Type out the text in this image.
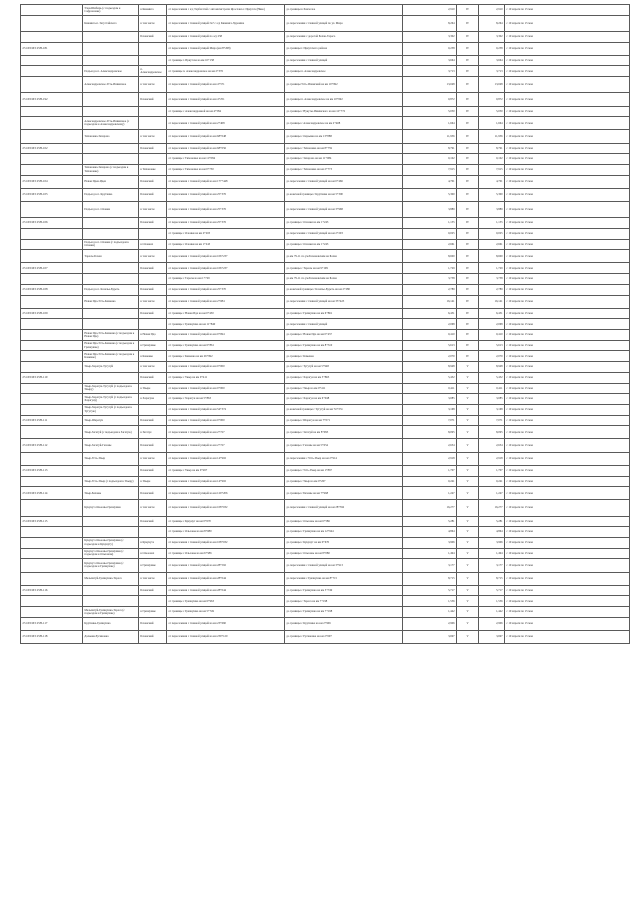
	Улан-Шибирь (с подъездом к Сафроновке)	в Кижинга	от пересечения с а/д Тарбагатай с автомагистрали Ярославл-г. Иркутск (Нико)	до границы в Хонхолое	2,910	IV	2,910	с 10 апреля по 15 мая
	Кижинга-п. Загустайского	в том числе	от пересечения с главной улицей №7 с а/д Кижинга-Хурамша	до пересечения с главной улицей по ул. Мира	8,264	IV	8,264	с 10 апреля по 15 мая
		Боханский	от пересечения с главной улицей по а/д 258	до пересечения с дорогой Бохан-Тараса	3,302	IV	3,302	с 10 апреля по 15 мая
25 ОП МЗ 25Н-181			от пересечения с главной улицей Мира (км 8+268)	до границы г. Иркутского района	0,258	IV	0,258	с 10 апреля по 15 мая
			от границы г. Иркутска на км 10+158	до пересечения с главной улицей	3,664	IV	3,664	с 10 апреля по 15 мая
	Подъезд к п. Александровское	п. Александровское	от границы п. Александровское на км 2+376	до границы п. Александровское	3,713	IV	3,713	с 10 апреля по 15 мая
	Александровское-Усть-Ишимское	в том числе	от пересечения с главной улицей на км 4+571	до границы Усть-Илимский на км 10+992	13,048	IV	13,048	с 10 апреля по 15 мая
25 ОП МЗ 25Н-192		Боханский	от пересечения с главной улицей на км 4+251	до границы п. Александровское на км 10+992	0,872	IV	0,872	с 10 апреля по 15 мая
			от границы с Александровкой на км 4+584	до границы с Нукуты-Ишимского на км 12+772	5,050	IV	5,050	с 10 апреля по 15 мая
	Александровское-Усть-Ишимское (с подъездом к Александровскому)		от пересечения с главной улицей на км 2+408	до границы с Александровское на км 2+408	1,664	IV	1,664	с 10 апреля по 15 мая
	Тихоновка-Захарово	в том числе	от пересечения с главной улицей на км 68+048	до границы с Оерьевка на км 13+888	11,936	IV	11,936	с 10 апреля по 15 мая
25 ОП МЗ 25Н-102		Боханский	от пересечения с главной улицей на км 68+056	до границы с Тихоновка на км 8+759	8,791	IV	8,791	с 10 апреля по 15 мая
			от границы с Тихоновка на км 11+084	до границы с Захарово на км 11+084	0,102	IV	0,102	с 10 апреля по 15 мая
	Тихоновка-Захарово (с подъездом к Тихоновке)	в Тихоновке	от границы с Тихоновка на км 0+750	до границы с Тихоновка на км 2+773	7,915	IV	7,915	с 10 апреля по 15 мая
25 ОП МЗ 25Н-104	Новая Идея-Идея	Боханский	от пересечения с главной улицей на км 177+448	до пересечения с главной улицей на км 0+466	4,701	IV	4,701	с 10 апреля по 15 мая
25 ОП МЗ 25Н-105	Подъезд к п. Крутинка	Боханский	от пересечения с главной улицей на км 25+376	до конечной границы с Крутинка на км 5+300	5,300	IV	5,300	с 10 апреля по 15 мая
	Подъезд к п. Олонки	в том числе	от пересечения с главной улицей на км 25+376	до пересечения с главной улицей на км 3+968	3,889	IV	3,889	с 10 апреля по 15 мая
25 ОП МЗ 25Н-106		Боханский	от пересечения с главной улицей на км 25+376	до границы с Олонки на км 1+243	1,155	IV	1,155	с 10 апреля по 15 мая
			от границы с Олонки на км 2+203	до пересечения с главной улицей на км 2+203	0,025	IV	0,025	с 10 апреля по 15 мая
	Подъезд к п. Олонки (с подъездом к Олонки)	в Олонках	от границы с Олонки на км 1+243	до границы с Олонки на км 1+243	2,661	IV	2,661	с 10 апреля по 15 мая
	Тарасы-Бохан	в том числе	от пересечения с главной улицей на км 106+237	до км 79-11 по уж.Бохановским на Бохан	8,600	IV	8,600	с 10 апреля по 15 мая
25 ОП МЗ 25Н-107		Боханский	от пересечения с главной улицей на км 106+237	до границы с Тарасы на км 9+199	1,729	IV	1,729	с 10 апреля по 15 мая
			от границы с Тарасы на км 1+729	до км 79-11 по уж.Бохановским на Бохан	3,738	IV	3,738	с 10 апреля по 15 мая
25 ОП МЗ 25Н-108	Подъезд к п. Казачье-Буреть	Боханский	от пересечения с главной улицей на км 25+370	до конечной границы с Казачье-Буреть на км 2+280	2,789	IV	2,789	с 10 апреля по 15 мая
	Новая Ида-Усть-Каменка	в том числе	от пересечения с главной улицей на км 2+084	до пересечения с главной улицей на км 35+423	16,141	IV	16,141	с 10 апреля по 15 мая
25 ОП МЗ 25Н-109		Боханский	от границы с Новая Ида на км 0+450	до границы с Грязнушка на км 6+861	6,451	IV	6,451	с 10 апреля по 15 мая
			от границы с Грязнушка на км 11+840	до пересечения с главной улицей	2,068	IV	2,068	с 10 апреля по 15 мая
	Новая Ида-Усть-Каменка (с подъездом к Новая Иде)	в Новая Ида	от пересечения с главной улицей на км 0+694	до границы с Новая Ида на км 0+437	0,410	IV	0,410	с 10 апреля по 15 мая
	Новая Ида-Усть-Каменка (с подъездом к Грязнушке)	в Грязнушке	от границы с Грязнушка на км 6+861	до границы с Грязнушка на км 8+310	5,613	IV	5,613	с 10 апреля по 15 мая
	Новая Ида-Усть-Каменка (с подъездом к Каменке)	в Каменке	от границы с Каменка на км 26+992	до границы с Каменка	2,070	IV	2,070	с 10 апреля по 15 мая
	Укыр-Харагун-Тугутуй	в том числе	от пересечения с главной улицей на км 0+000	до границы с Тугутуй на км 5+948	8,948	V	8,948	с 10 апреля по 15 мая
25 ОП МЗ 25Н-110		Боханский	от границы с Укыр на км 0+411	до границы с Харагун на км 5+863	5,452	V	5,452	с 10 апреля по 15 мая
	Укыр-Харагун-Тугутуй (с подъездом к Укыру)	в Укыре	от пересечения с главной улицей на км 0+000	до границы с Укыр на км 0+411	0,411	V	0,411	с 10 апреля по 15 мая
	Укыр-Харагун-Тугутуй (с подъездом к Харагуну)	в Харагуне	от границы с Харагун на км 5+863	до границы с Харагун на км 6+948	3,085	V	3,085	с 10 апреля по 15 мая
	Укыр-Харагун-Тугутуй (с подъездом к Тугутую)		от пересечения с главной улицей на км 54+374	до конечной границы с Тугутуй на км 74+374	3,168	V	3,168	с 10 апреля по 15 мая
25 ОП МЗ 25Н-111	Укыр-Шарагун	Боханский	от пересечения с главной улицей на км 0+000	до границы с Шарагун на км 7+071	7,071	V	7,071	с 10 апреля по 15 мая
	Укыр-Загатуй (с подъездом к Загатую)	в Загатуе	от пересечения с главной улицей на км 2+727	до границы с Загатуй на км 8+095	8,095	V	8,095	с 10 апреля по 15 мая
25 ОП МЗ 25Н-112	Укыр-Загатуй-Гаханы	Боханский	от пересечения с главной улицей на км 2+727	до границы с Гаханы на км 5+654	2,654	V	2,654	с 10 апреля по 15 мая
	Укыр-Усть-Укыр	в том числе	от пересечения с главной улицей на км 14+902	до пересечения с Усть-Укыр на км 2+914	2,918	V	2,918	с 10 апреля по 15 мая
25 ОП МЗ 25Н-113		Боханский	от границы с Укыр на км 0+267	до границы с Усть-Укыр на км 1+867	1,707	V	1,707	с 10 апреля по 15 мая
	Укыр-Усть-Укыр (с подъездом к Укыру)	в Укыре	от пересечения с главной улицей на км 14+902	до границы с Укыр на км 0+267	0,241	V	0,241	с 10 апреля по 15 мая
25 ОП МЗ 25Н-114	Укыр-Баханы	Боханский	от пересечения с главной улицей на км 129+206	до границы с Баханы на км 7+968	1,247	V	1,247	с 10 апреля по 15 мая
	Кукунут-Ользоны-Грязнушка	в том числе	от пересечения с главной улицей на км 108+032	до пересечения с главной улицей на км 28+592	16,277	V	16,277	с 10 апреля по 15 мая
25 ОП МЗ 25Н-115		Боханский	от границы с Кукунут на км 0+670	до границы с Ользоны на км 6+586	5,281	V	5,281	с 10 апреля по 15 мая
			от границы с Ользоны на км 8+080	до границы с Грязнушка на км 12+944	4,864	V	4,864	с 10 апреля по 15 мая
	Кукунут-Ользоны-Грязнушка (с подъездом к Кукунуту)	в Кукунуте	от пересечения с главной улицей на км 108+032	до границы с Кукунут на км 0+670	3,906	V	3,906	с 10 апреля по 15 мая
	Кукунут-Ользоны-Грязнушка (с подъездом к Ользонам)	в Ользонах	от границы с Ользоны на км 6+586	до границы с Ользоны на км 8+080	1,494	V	1,494	с 10 апреля по 15 мая
	Кукунут-Ользоны-Грязнушка (с подъездом к Грязнушке)	в Грязнушке	от пересечения с главной улицей на км 28+592	до пересечения с главной улицей на км 3+913	3,177	V	3,177	с 10 апреля по 15 мая
	Мельхитуй-Грязнушка-Тараса	в том числе	от пересечения с главной улицей на км 28+044	до пересечения с Грязнушка на км 8+715	8,715	V	8,715	с 10 апреля по 15 мая
25 ОП МЗ 25Н-116		Боханский	от пересечения с главной улицей на км 28+044	до границы с Грязнушка на км 5+749	5,717	V	5,717	с 10 апреля по 15 мая
			от границы с Грязнушка на км 6+963	до границы с Тараса на км 7+198	1,556	V	1,556	с 10 апреля по 15 мая
	Мельхитуй-Грязнушка-Тараса (с подъездом к Грязнушке)	в Грязнушке	от границы с Грязнушка на км 5+749	до границы с Грязнушка на км 7+198	1,442	V	1,442	с 10 апреля по 15 мая
25 ОП МЗ 25Н-117	Крутинка-Грязнушка	Боханский	от пересечения с главной улицей на км 23+660	до границы с Крутинка на км 2+906	2,906	V	2,906	с 10 апреля по 15 мая
25 ОП МЗ 25Н-118	Дальняя-Русиновка	Боханский	от пересечения с главной улицей на км 239+120	до границы с Русиновка на км 2+697	3,697	V	3,697	с 10 апреля по 15 мая
